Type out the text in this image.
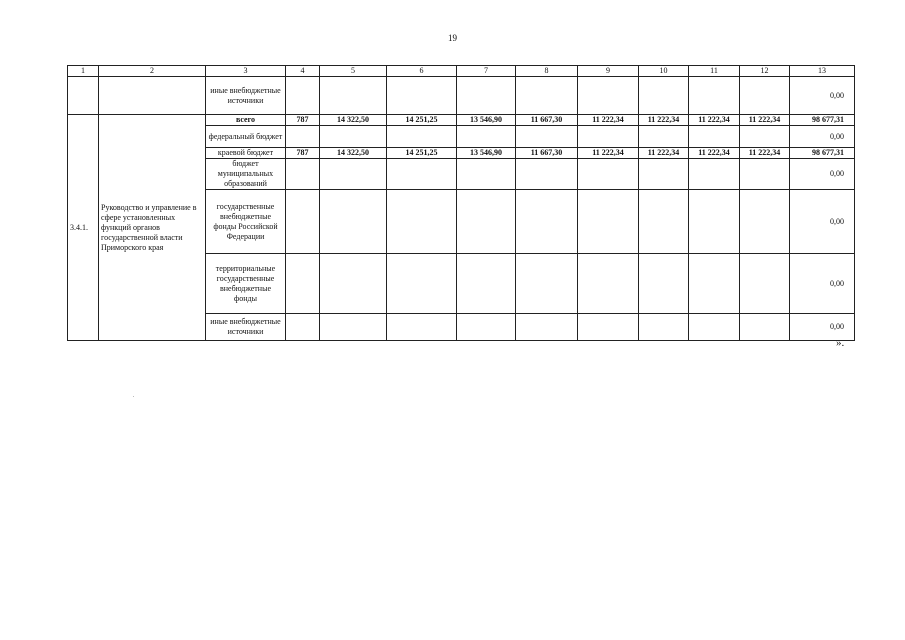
19
1	2	3	4	5	6	7	8	9	10	11	12	13
		иные внебюджетные источники										0,00
3.4.1.	Руководство и управление в сфере установленных функций органов государственной власти Приморского края	всего	787	14 322,50	14 251,25	13 546,90	11 667,30	11 222,34	11 222,34	11 222,34	11 222,34	98 677,31
		федеральный бюджет										0,00
		краевой бюджет	787	14 322,50	14 251,25	13 546,90	11 667,30	11 222,34	11 222,34	11 222,34	11 222,34	98 677,31
		бюджет муниципальных образований										0,00
		государственные внебюджетные фонды Российской Федерации										0,00
		территориальные государственные внебюджетные фонды										0,00
		иные внебюджетные источники										0,00
».
